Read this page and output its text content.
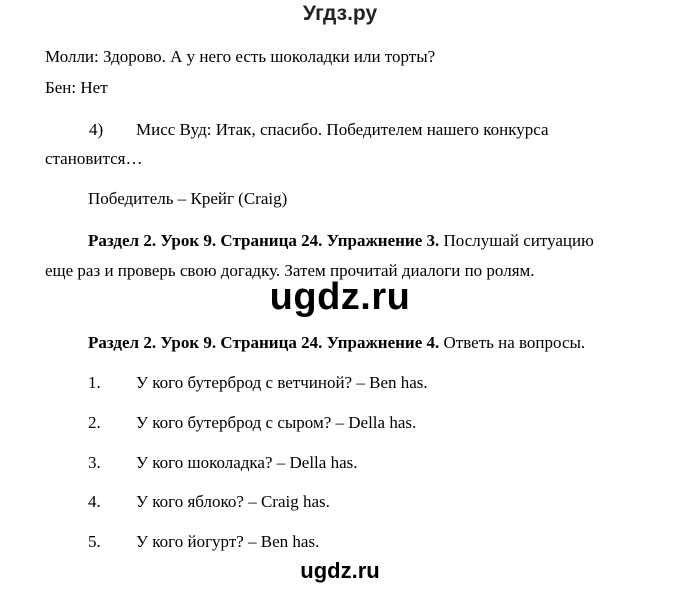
Угдз.ру
Молли: Здорово. А у него есть шоколадки или торты?
Бен: Нет
4) Мисс Вуд: Итак, спасибо. Победителем нашего конкурса
становится…
Победитель – Крейг (Craig)
Раздел 2. Урок 9. Страница 24. Упражнение 3. Послушай ситуацию
еще раз и проверь свою догадку. Затем прочитай диалоги по ролям.
ugdz.ru
Раздел 2. Урок 9. Страница 24. Упражнение 4. Ответь на вопросы.
1. У кого бутерброд с ветчиной? – Ben has.
2. У кого бутерброд с сыром? – Della has.
3. У кого шоколадка? – Della has.
4. У кого яблоко? – Craig has.
5. У кого йогурт? – Ben has.
ugdz.ru
